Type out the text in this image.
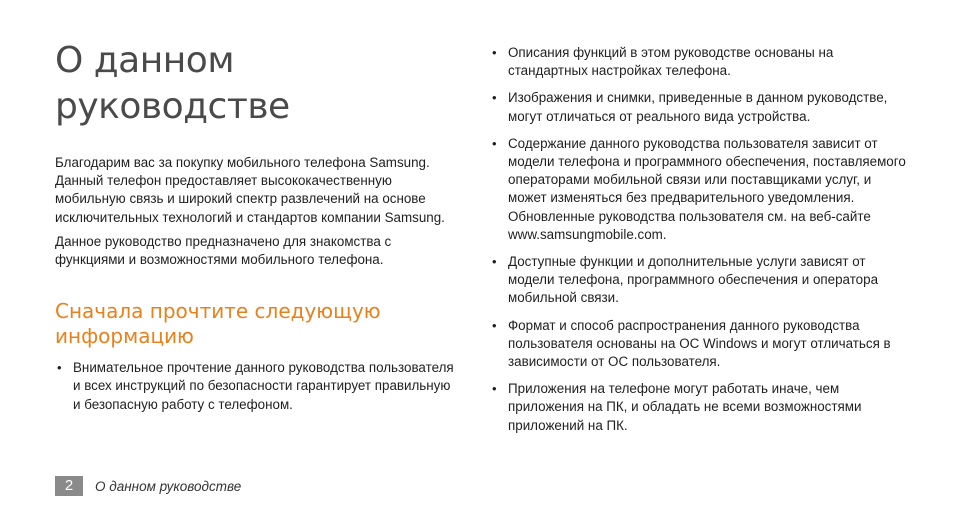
О данном
руководстве

Благодарим вас за покупку мобильного телефона Samsung. Данный телефон предоставляет высококачественную мобильную связь и широкий спектр развлечений на основе исключительных технологий и стандартов компании Samsung.

Данное руководство предназначено для знакомства с функциями и возможностями мобильного телефона.

Сначала прочтите следующую
информацию
• Внимательное прочтение данного руководства пользователя и всех инструкций по безопасности гарантирует правильную и безопасную работу с телефоном.
• Описания функций в этом руководстве основаны на стандартных настройках телефона.
• Изображения и снимки, приведенные в данном руководстве, могут отличаться от реального вида устройства.
• Содержание данного руководства пользователя зависит от модели телефона и программного обеспечения, поставляемого операторами мобильной связи или поставщиками услуг, и может изменяться без предварительного уведомления. Обновленные руководства пользователя см. на веб-сайте www.samsungmobile.com.
• Доступные функции и дополнительные услуги зависят от модели телефона, программного обеспечения и оператора мобильной связи.
• Формат и способ распространения данного руководства пользователя основаны на ОС Windows и могут отличаться в зависимости от ОС пользователя.
• Приложения на телефоне могут работать иначе, чем приложения на ПК, и обладать не всеми возможностями приложений на ПК.
2	О данном руководстве
